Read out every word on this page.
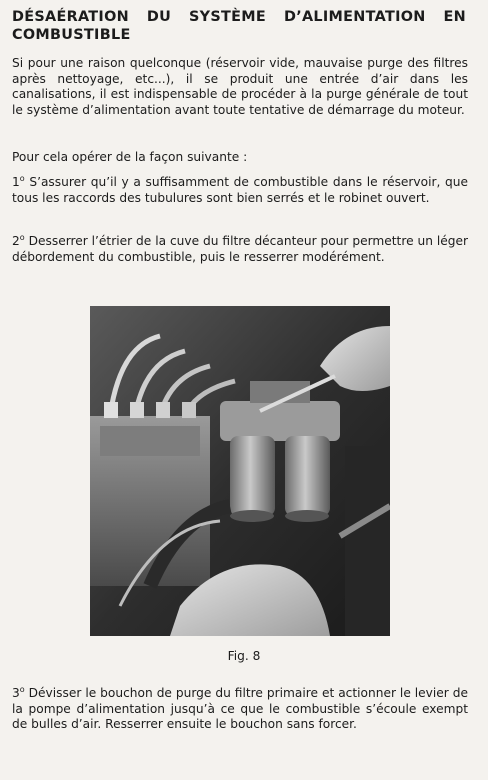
DÉSAÉRATION DU SYSTÈME D’ALIMENTATION EN COMBUSTIBLE

Si pour une raison quelconque (réservoir vide, mauvaise purge des filtres après nettoyage, etc...), il se produit une entrée d’air dans les canalisations, il est indispensable de procéder à la purge générale de tout le système d’alimentation avant toute tentative de démarrage du moteur.

Pour cela opérer de la façon suivante :

1$^o$ S’assurer qu’il y a suffisamment de combustible dans le réservoir, que tous les raccords des tubulures sont bien serrés et le robinet ouvert.

2$^o$ Desserrer l’étrier de la cuve du filtre décanteur pour permettre un léger débordement du combustible, puis le resserrer modérément.

Fig. 8

3$^o$ Dévisser le bouchon de purge du filtre primaire et actionner le levier de la pompe d’alimentation jusqu’à ce que le combustible s’écoule exempt de bulles d’air. Resserrer ensuite le bouchon sans forcer.
